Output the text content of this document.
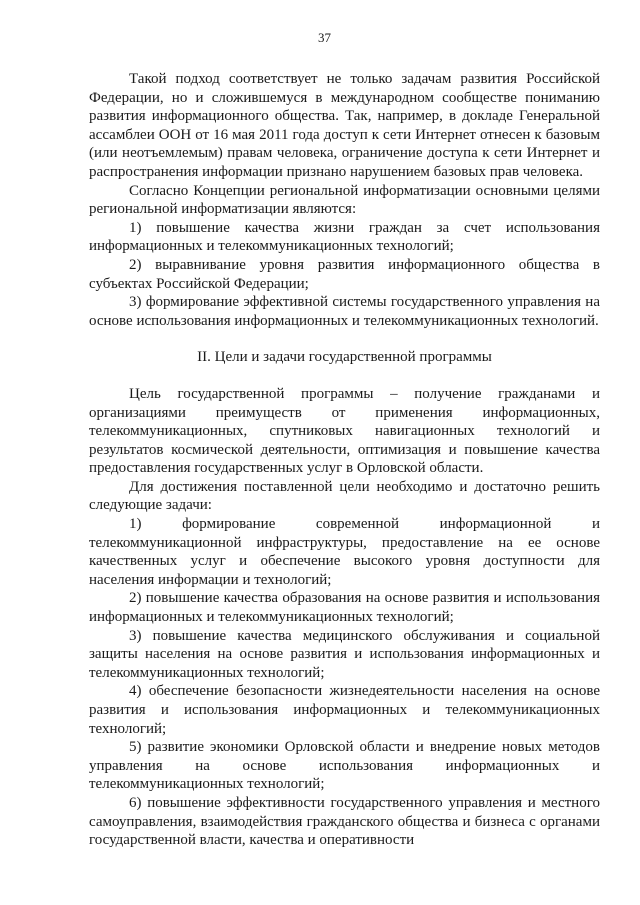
37

Такой подход соответствует не только задачам развития Российской Федерации, но и сложившемуся в международном сообществе пониманию развития информационного общества. Так, например, в докладе Генеральной ассамблеи ООН от 16 мая 2011 года доступ к сети Интернет отнесен к базовым (или неотъемлемым) правам человека, ограничение доступа к сети Интернет и распространения информации признано нарушением базовых прав человека.

Согласно Концепции региональной информатизации основными целями региональной информатизации являются:

1) повышение качества жизни граждан за счет использования информационных и телекоммуникационных технологий;

2) выравнивание уровня развития информационного общества в субъектах Российской Федерации;

3) формирование эффективной системы государственного управления на основе использования информационных и телекоммуникационных технологий.

II. Цели и задачи государственной программы

Цель государственной программы – получение гражданами и организациями преимуществ от применения информационных, телекоммуникационных, спутниковых навигационных технологий и результатов космической деятельности, оптимизация и повышение качества предоставления государственных услуг в Орловской области.

Для достижения поставленной цели необходимо и достаточно решить следующие задачи:

1) формирование современной информационной и телекоммуникационной инфраструктуры, предоставление на ее основе качественных услуг и обеспечение высокого уровня доступности для населения информации и технологий;

2) повышение качества образования на основе развития и использования информационных и телекоммуникационных технологий;

3) повышение качества медицинского обслуживания и социальной защиты населения на основе развития и использования информационных и телекоммуникационных технологий;

4) обеспечение безопасности жизнедеятельности населения на основе развития и использования информационных и телекоммуникационных технологий;

5) развитие экономики Орловской области и внедрение новых методов управления на основе использования информационных и телекоммуникационных технологий;

6) повышение эффективности государственного управления и местного самоуправления, взаимодействия гражданского общества и бизнеса с органами государственной власти, качества и оперативности
